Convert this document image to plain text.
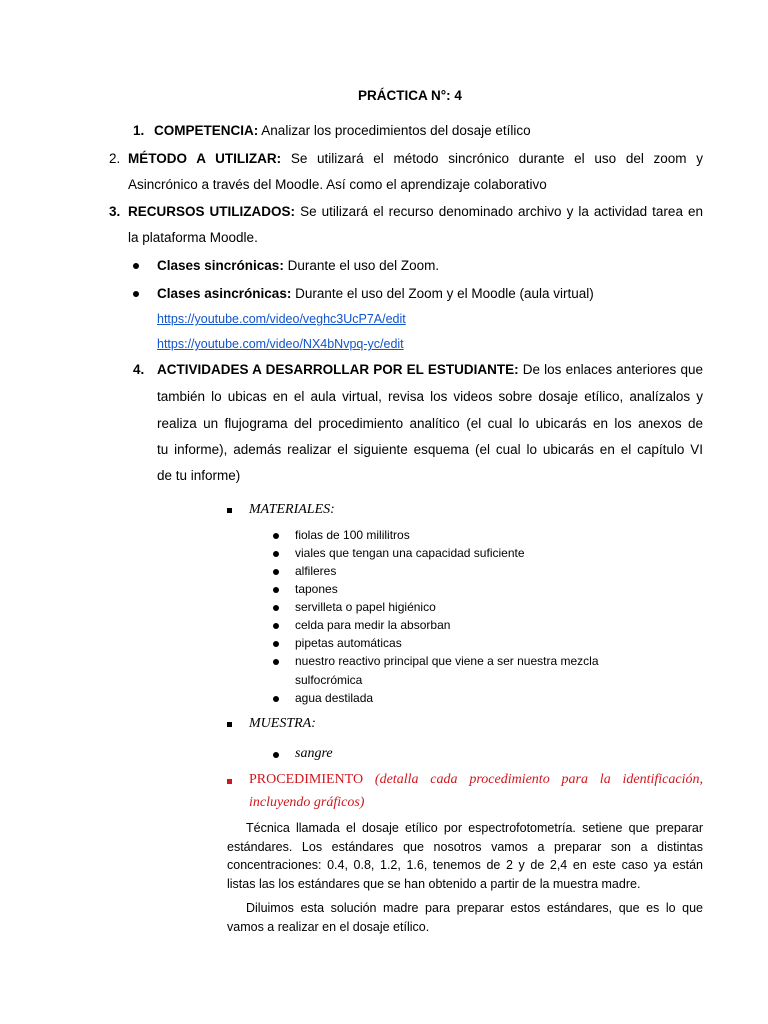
PRÁCTICA N°: 4
1. COMPETENCIA: Analizar los procedimientos del dosaje etílico
2. MÉTODO A UTILIZAR: Se utilizará el método sincrónico durante el uso del zoom y
Asincrónico a través del Moodle. Así como el aprendizaje colaborativo
3. RECURSOS UTILIZADOS: Se utilizará el recurso denominado archivo y la actividad tarea en
la plataforma Moodle.
Clases sincrónicas: Durante el uso del Zoom.
Clases asincrónicas: Durante el uso del Zoom y el Moodle (aula virtual)
https://youtube.com/video/veghc3UcP7A/edit
https://youtube.com/video/NX4bNvpq-yc/edit
4. ACTIVIDADES A DESARROLLAR POR EL ESTUDIANTE: De los enlaces anteriores que
también lo ubicas en el aula virtual, revisa los videos sobre dosaje etílico, analízalos y
realiza un flujograma del procedimiento analítico (el cual lo ubicarás en los anexos de
tu informe), además realizar el siguiente esquema (el cual lo ubicarás en el capítulo VI
de tu informe)
MATERIALES:
fiolas de 100 mililitros
viales que tengan una capacidad suficiente
alfileres
tapones
servilleta o papel higiénico
celda para medir la absorban
pipetas automáticas
nuestro reactivo principal que viene a ser nuestra mezcla
sulfocrómica
agua destilada
MUESTRA:
sangre
PROCEDIMIENTO (detalla cada procedimiento para la identificación,
incluyendo gráficos)
Técnica llamada el dosaje etílico por espectrofotometría. setiene que preparar
estándares. Los estándares que nosotros vamos a preparar son a distintas
concentraciones: 0.4, 0.8, 1.2, 1.6, tenemos de 2 y de 2,4 en este caso ya están
listas las los estándares que se han obtenido a partir de la muestra madre.
Diluimos esta solución madre para preparar estos estándares, que es lo que
vamos a realizar en el dosaje etílico.
